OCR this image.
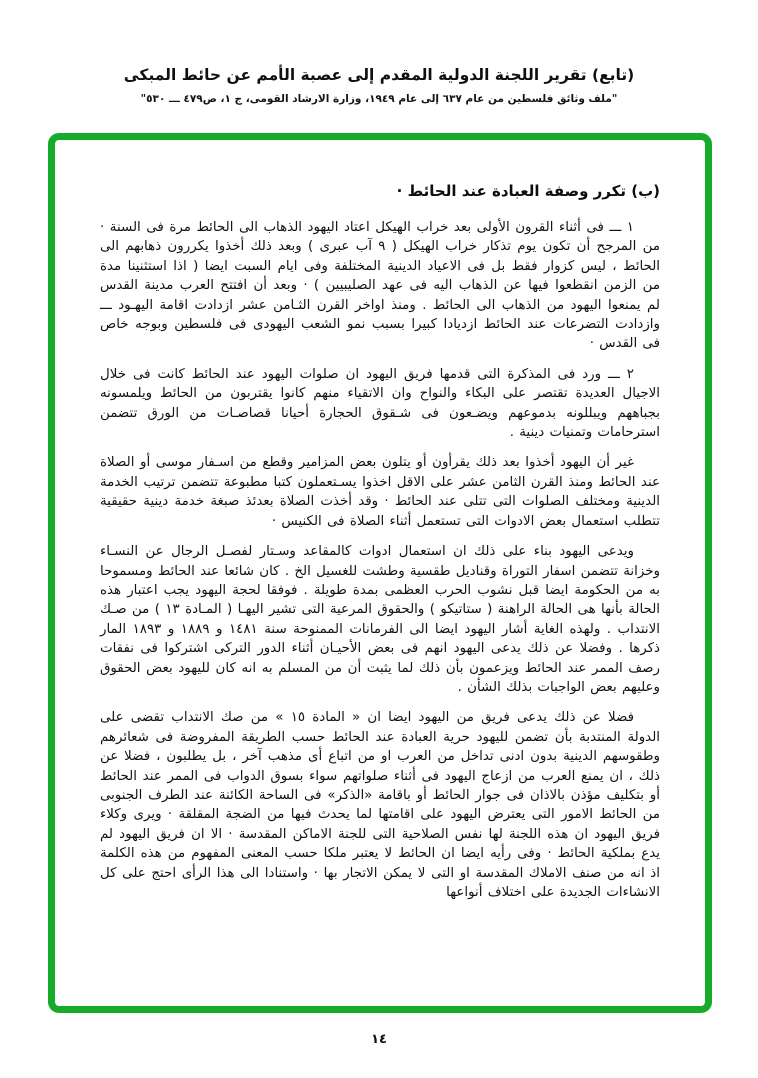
(تابع) تقرير اللجنة الدولية المقدم إلى عصبة الأمم عن حائط المبكى
"ملف وثائق فلسطين من عام ٦٣٧ إلى عام ١٩٤٩، وزارة الارشاد القومى، ج ١، ص٤٧٩ ـــ ٥٣٠"
(ب) تكرر وصفة العبادة عند الحائط ·

١ ـــ فى أثناء القرون الأولى بعد خراب الهيكل اعتاد اليهود الذهاب الى الحائط مرة فى السنة · من المرجح أن تكون يوم تذكار خراب الهيكل ( ٩ آب عبرى ) وبعد ذلك أخذوا يكررون ذهابهم الى الحائط ، ليس كزوار فقط بل فى الاعياد الدينية المختلفة وفى ايام السبت ايضا ( اذا استثنينا مدة من الزمن انقطعوا فيها عن الذهاب اليه فى عهد الصليبيين ) · وبعد أن افتتح العرب مدينة القدس لم يمنعوا اليهود من الذهاب الى الحائط . ومنذ اواخر القرن الثـامن عشر ازدادت اقامة اليهـود ـــ وازدادت التضرعات عند الحائط ازديادا كبيرا بسبب نمو الشعب اليهودى فى فلسطين وبوجه خاص فى القدس ·

٢ ـــ ورد فى المذكرة التى قدمها فريق اليهود ان صلوات اليهود عند الحائط كانت فى خلال الاجيال العديدة تقتصر على البكاء والنواح وان الاتقياء منهم كانوا يقتربون من الحائط ويلمسونه بجباههم ويبللونه بدموعهم ويضـعون فى شـقوق الحجارة أحيانا قصاصـات من الورق تتضمن استرحامات وتمنيات دينية .

غير أن اليهود أخذوا بعد ذلك يقرأون أو يتلون بعض المزامير وقطع من اسـفار موسى أو الصلاة عند الحائط ومنذ القرن الثامن عشر على الاقل اخذوا يسـتعملون كتبا مطبوعة تتضمن ترتيب الخدمة الدينية ومختلف الصلوات التى تتلى عند الحائط · وقد أخذت الصلاة بعدئذ صبغة خدمة دينية حقيقية تتطلب استعمال بعض الادوات التى تستعمل أثناء الصلاة فى الكنيس ·

ويدعى اليهود بناء على ذلك ان استعمال ادوات كالمقاعد وسـتار لفصـل الرجال عن النسـاء وخزانة تتضمن اسفار التوراة وقناديل طقسية وطشت للغسيل الخ . كان شائعا عند الحائط ومسموحا به من الحكومة ايضا قبل نشوب الحرب العظمى بمدة طويلة . فوفقا لحجة اليهود يجب اعتبار هذه الحالة بأنها هى الحالة الراهنة ( ستاتيكو ) والحقوق المرعية التى تشير اليهـا ( المـادة ١٣ ) من صـك الانتداب . ولهذه الغاية أشار اليهود ايضا الى الفرمانات الممنوحة سنة ١٤٨١ و ١٨٨٩ و ١٨٩٣ المار ذكرها . وفضلا عن ذلك يدعى اليهود انهم فى بعض الأحيـان أثناء الدور التركى اشتركوا فى نفقات رصف الممر عند الحائط ويزعمون بأن ذلك لما يثبت أن من المسلم به انه كان لليهود بعض الحقوق وعليهم بعض الواجبات بذلك الشأن .

فضلا عن ذلك يدعى فريق من اليهود ايضا ان « المادة ١٥ » من صك الانتداب تقضى على الدولة المنتدبة بأن تضمن لليهود حرية العبادة عند الحائط حسب الطريقة المفروضة فى شعائرهم وطقوسهم الدينية بدون ادنى تداخل من العرب او من اتباع أى مذهب آخر ، بل يطلبون ، فضلا عن ذلك ، ان يمنع العرب من ازعاج اليهود فى أثناء صلواتهم سواء بسوق الدواب فى الممر عند الحائط أو بتكليف مؤذن بالاذان فى جوار الحائط أو باقامة «الذكر» فى الساحة الكائنة عند الطرف الجنوبى من الحائط الامور التى يعترض اليهود على اقامتها لما يحدث فيها من الضجة المقلقة · ويرى وكلاء فريق اليهود ان هذه اللجنة لها نفس الصلاحية التى للجنة الاماكن المقدسة · الا ان فريق اليهود لم يدع بملكية الحائط · وفى رأيه ايضا ان الحائط لا يعتبر ملكا حسب المعنى المفهوم من هذه الكلمة اذ انه من صنف الاملاك المقدسة او التى لا يمكن الاتجار بها · واستنادا الى هذا الرأى احتج على كل الانشاءات الجديدة على اختلاف أنواعها

١٤
